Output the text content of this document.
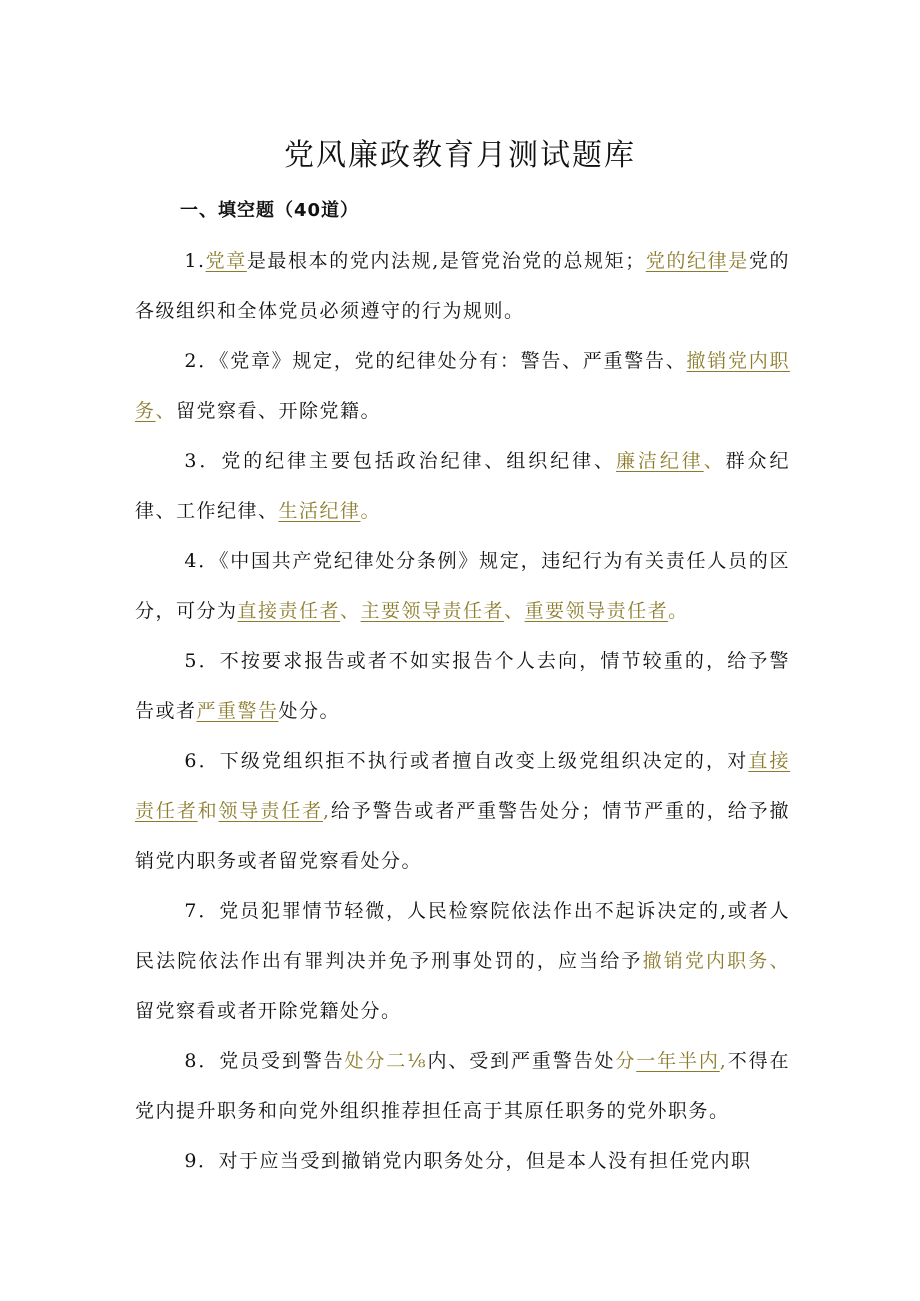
党风廉政教育月测试题库
一、填空题（40道）

1.党章是最根本的党内法规,是管党治党的总规矩；党的纪律是党的各级组织和全体党员必须遵守的行为规则。

2．《党章》规定，党的纪律处分有：警告、严重警告、撤销党内职务、留党察看、开除党籍。

3．党的纪律主要包括政治纪律、组织纪律、廉洁纪律、群众纪律、工作纪律、生活纪律。

4．《中国共产党纪律处分条例》规定，违纪行为有关责任人员的区分，可分为直接责任者、主要领导责任者、重要领导责任者。

5．不按要求报告或者不如实报告个人去向，情节较重的，给予警告或者严重警告处分。

6．下级党组织拒不执行或者擅自改变上级党组织决定的，对直接责任者和领导责任者,给予警告或者严重警告处分；情节严重的，给予撤销党内职务或者留党察看处分。

7．党员犯罪情节轻微，人民检察院依法作出不起诉决定的,或者人民法院依法作出有罪判决并免予刑事处罚的，应当给予撤销党内职务、留党察看或者开除党籍处分。

8．党员受到警告处分二⅛内、受到严重警告处分一年半内,不得在党内提升职务和向党外组织推荐担任高于其原任职务的党外职务。

9．对于应当受到撤销党内职务处分，但是本人没有担任党内职
